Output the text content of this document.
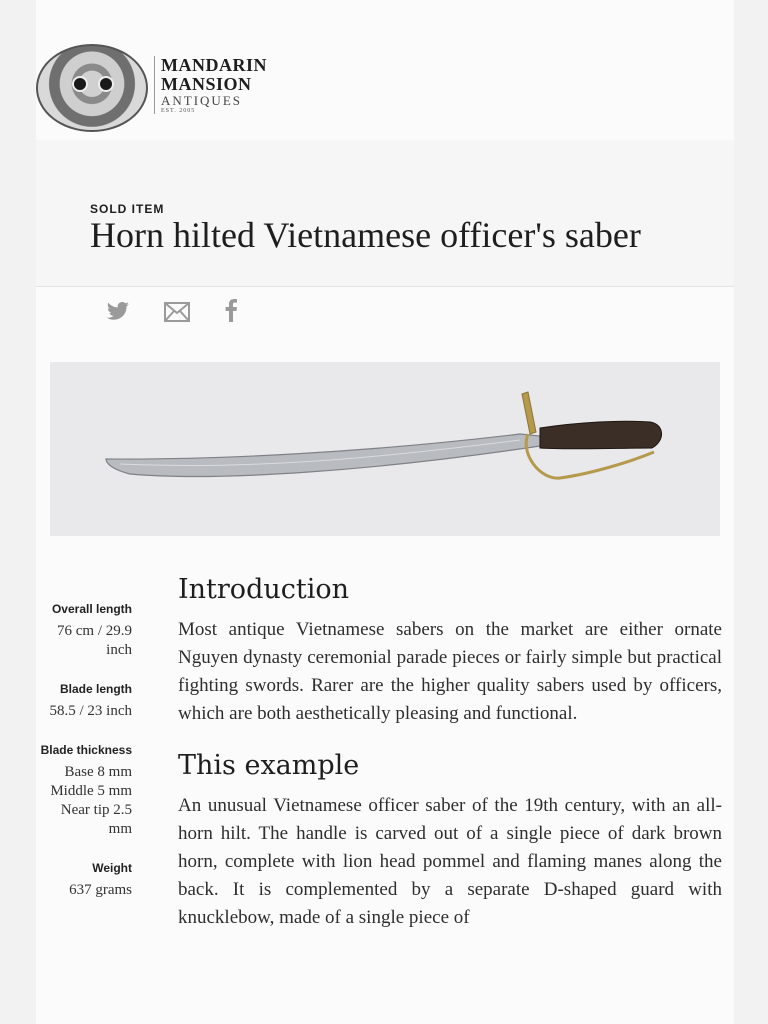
MANDARIN
MANSION
ANTIQUES
EST. 2005
SOLD ITEM
Horn hilted Vietnamese officer's saber

Overall length
76 cm / 29.9 inch
Blade length
58.5 / 23 inch
Blade thickness
Base 8 mm Middle 5 mm Near tip 2.5 mm
Weight
637 grams
Introduction

Most antique Vietnamese sabers on the market are either ornate Nguyen dynasty ceremonial parade pieces or fairly simple but practical fighting swords. Rarer are the higher quality sabers used by officers, which are both aesthetically pleasing and functional.

This example

An unusual Vietnamese officer saber of the 19th century, with an all-horn hilt. The handle is carved out of a single piece of dark brown horn, complete with lion head pommel and flaming manes along the back. It is complemented by a separate D-shaped guard with knucklebow, made of a single piece of
